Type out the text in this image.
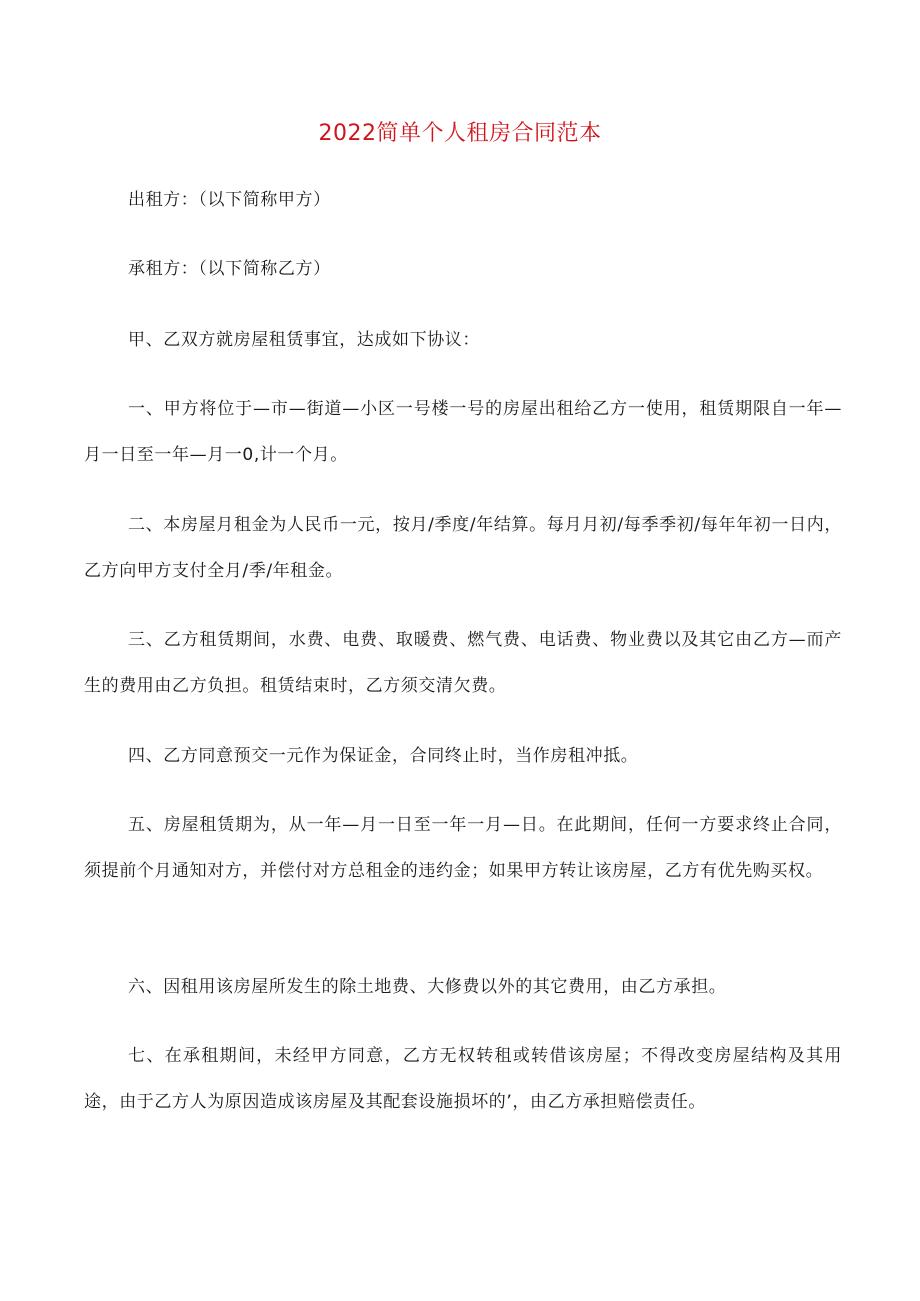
2022简单个人租房合同范本

出租方：（以下简称甲方）

承租方：（以下简称乙方）

甲、乙双方就房屋租赁事宜，达成如下协议：

一、甲方将位于—市—街道—小区一号楼一号的房屋出租给乙方一使用，租赁期限自一年—月一日至一年—月一0,计一个月。

二、本房屋月租金为人民币一元，按月/季度/年结算。每月月初/每季季初/每年年初一日内，乙方向甲方支付全月/季/年租金。

三、乙方租赁期间，水费、电费、取暖费、燃气费、电话费、物业费以及其它由乙方—而产生的费用由乙方负担。租赁结束时，乙方须交清欠费。

四、乙方同意预交一元作为保证金，合同终止时，当作房租冲抵。

五、房屋租赁期为，从一年—月一日至一年一月—日。在此期间，任何一方要求终止合同，须提前个月通知对方，并偿付对方总租金的违约金；如果甲方转让该房屋，乙方有优先购买权。

六、因租用该房屋所发生的除土地费、大修费以外的其它费用，由乙方承担。

七、在承租期间，未经甲方同意，乙方无权转租或转借该房屋；不得改变房屋结构及其用途，由于乙方人为原因造成该房屋及其配套设施损坏的’，由乙方承担赔偿责任。
